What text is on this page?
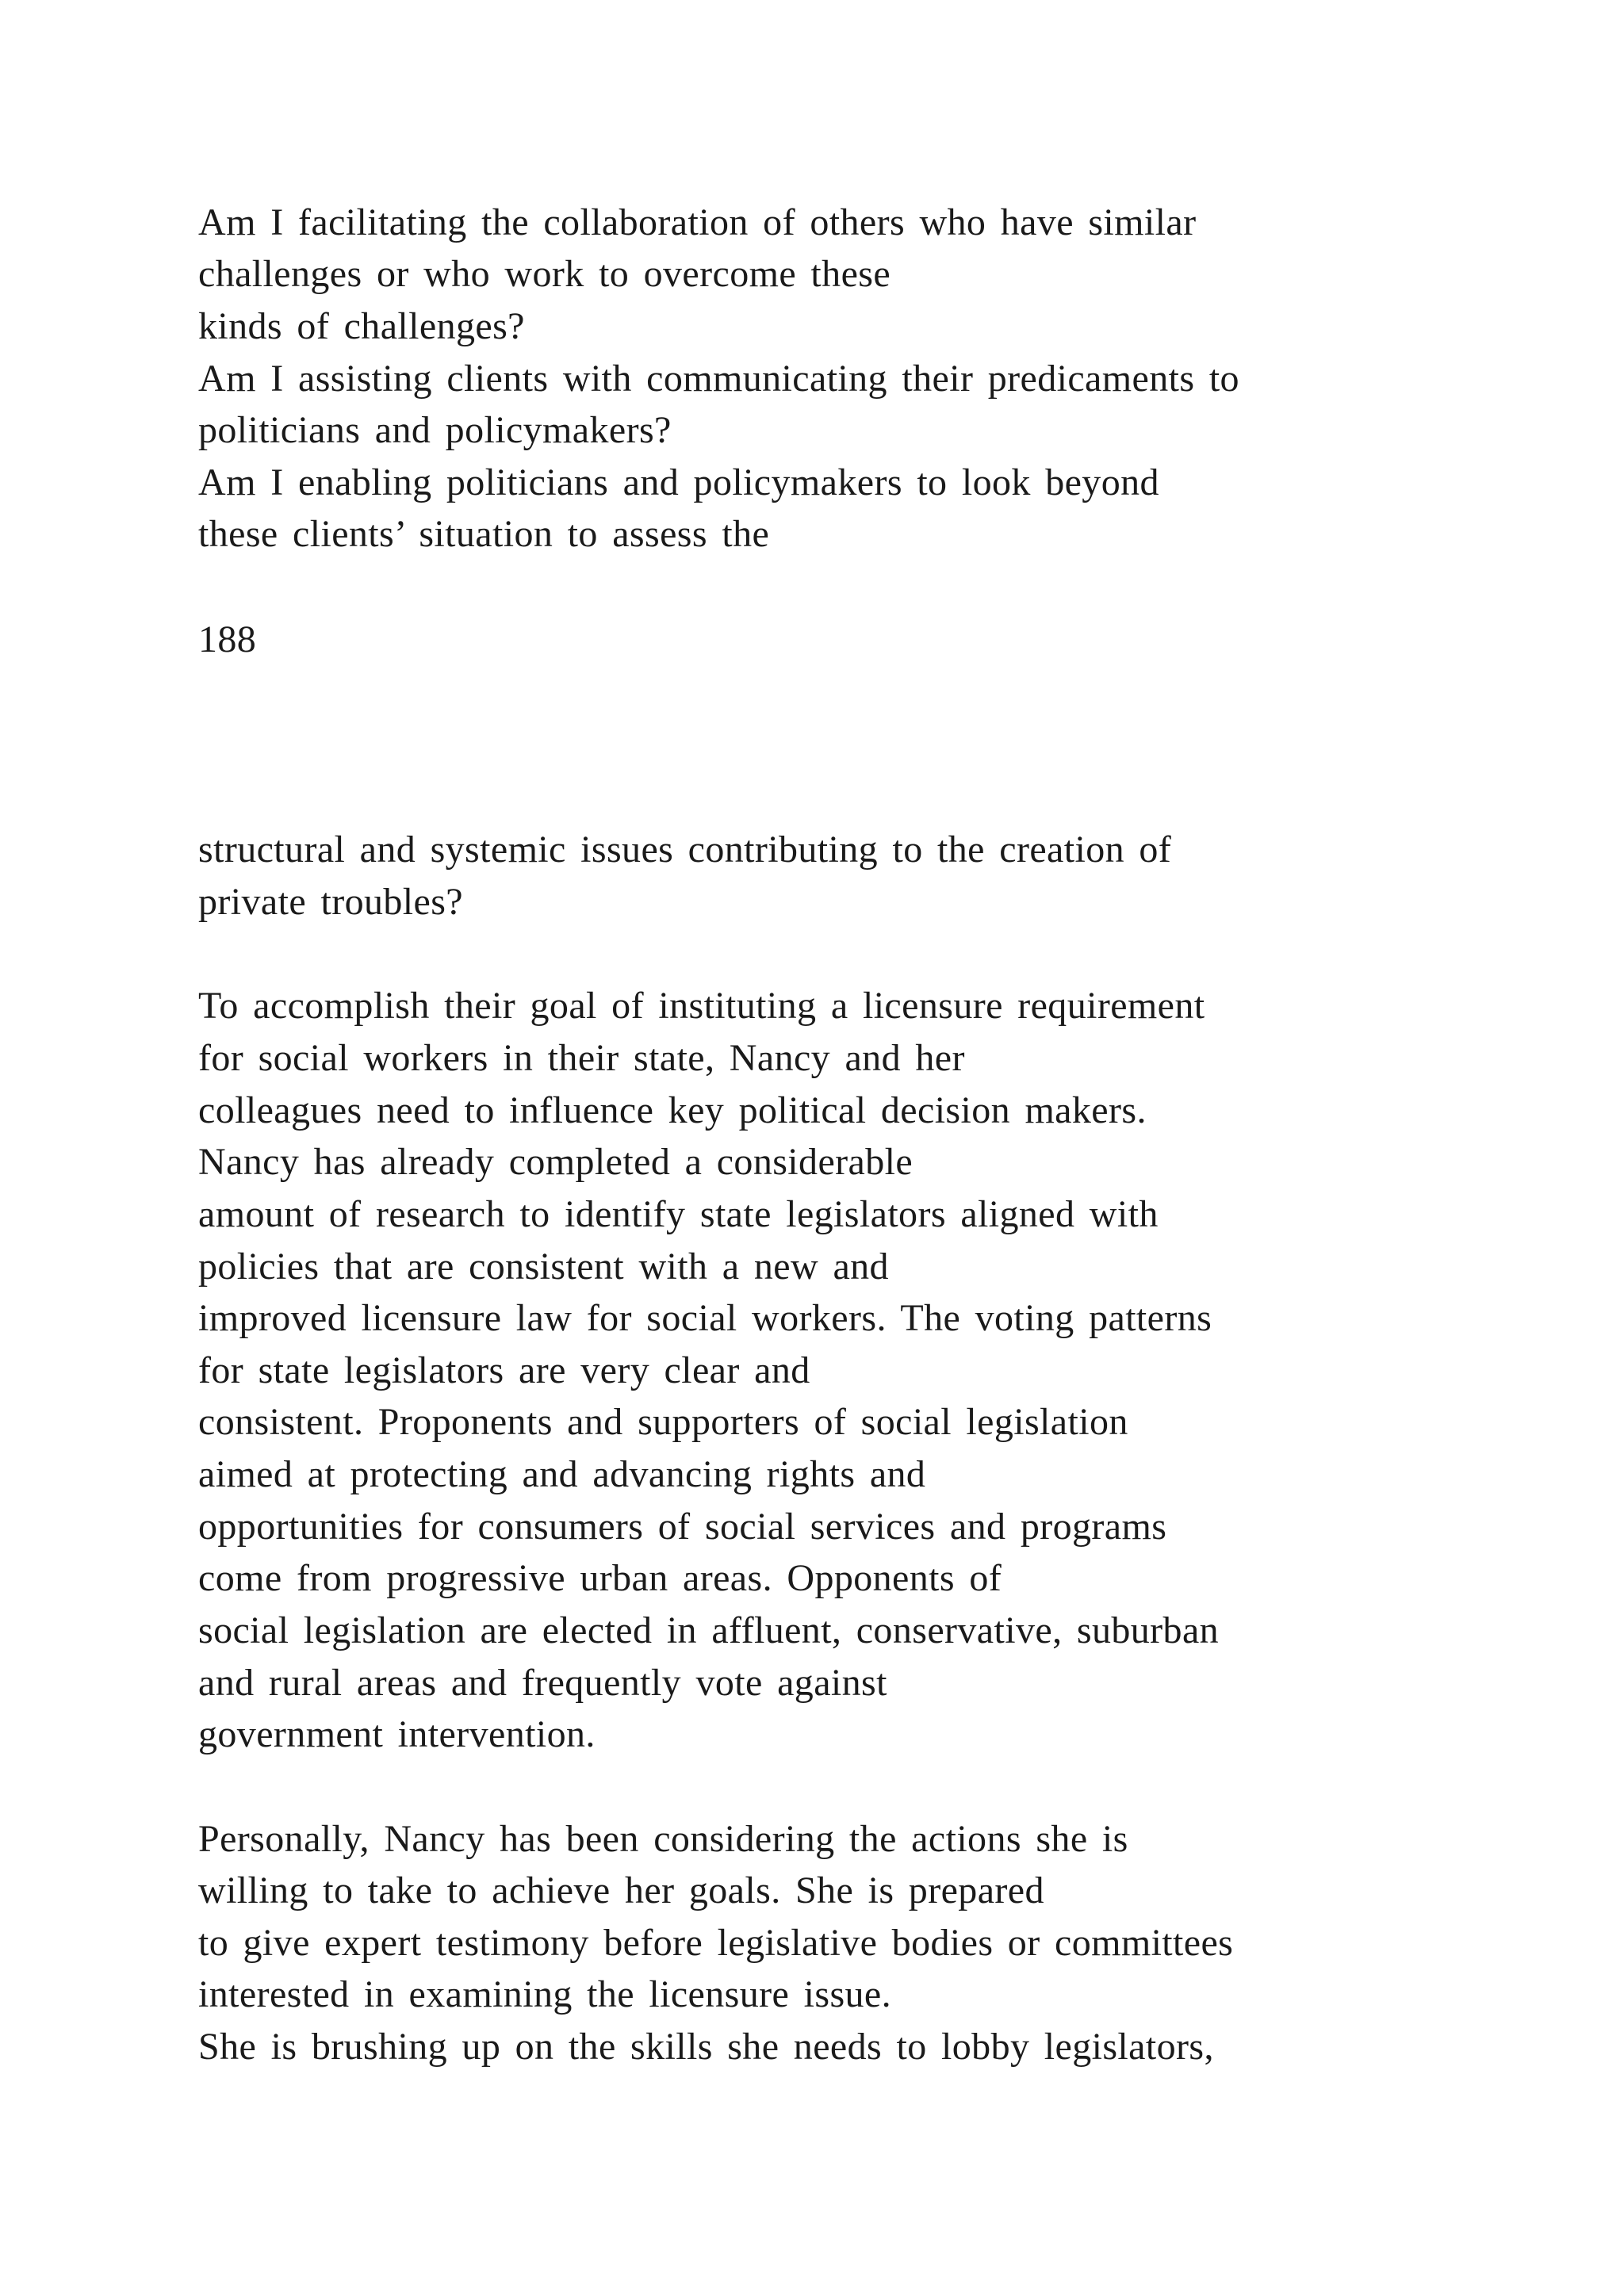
Am I facilitating the collaboration of others who have similar

challenges or who work to overcome these

kinds of challenges?

Am I assisting clients with communicating their predicaments to

politicians and policymakers?

Am I enabling politicians and policymakers to look beyond

these clients’ situation to assess the

188

structural and systemic issues contributing to the creation of

private troubles?

To accomplish their goal of instituting a licensure requirement

for social workers in their state, Nancy and her

colleagues need to influence key political decision makers.

Nancy has already completed a considerable

amount of research to identify state legislators aligned with

policies that are consistent with a new and

improved licensure law for social workers. The voting patterns

for state legislators are very clear and

consistent. Proponents and supporters of social legislation

aimed at protecting and advancing rights and

opportunities for consumers of social services and programs

come from progressive urban areas. Opponents of

social legislation are elected in affluent, conservative, suburban

and rural areas and frequently vote against

government intervention.

Personally, Nancy has been considering the actions she is

willing to take to achieve her goals. She is prepared

to give expert testimony before legislative bodies or committees

interested in examining the licensure issue.

She is brushing up on the skills she needs to lobby legislators,
